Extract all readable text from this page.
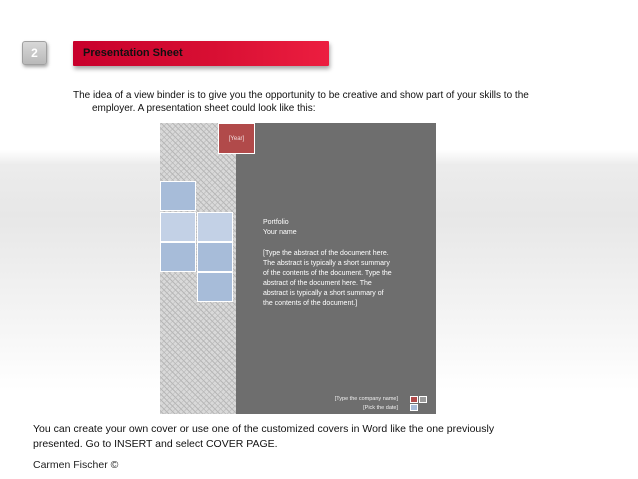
2	Presentation Sheet
The idea of a view binder is to give you the opportunity to be creative and show part of your skills to the
employer. A presentation sheet could look like this:
[Year]
Portfolio
Your name
[Type the abstract of the document here.
The abstract is typically a short summary
of the contents of the document. Type the
abstract of the document here. The
abstract is typically a short summary of
the contents of the document.]
[Type the company name]
[Pick the date]
You can create your own cover or use one of the customized covers in Word like the one previously
presented. Go to INSERT and select COVER PAGE.
Carmen Fischer ©
